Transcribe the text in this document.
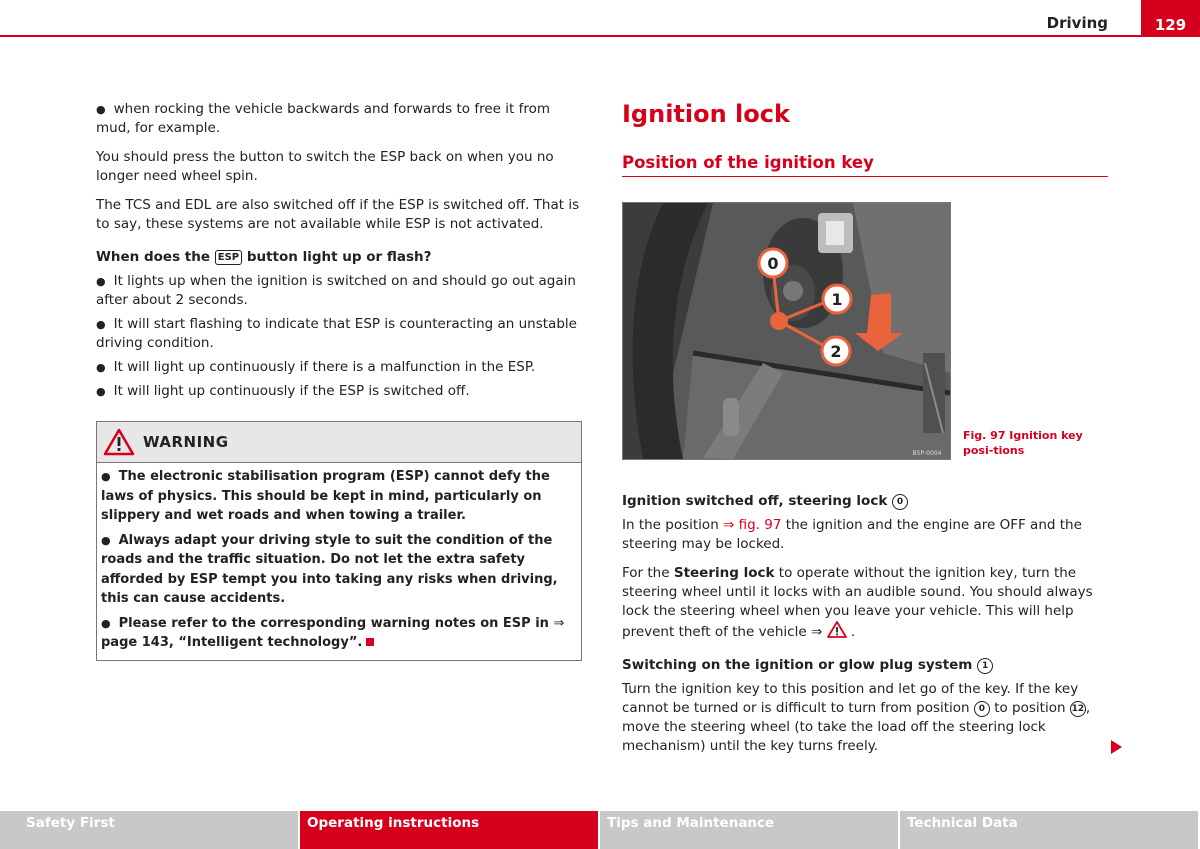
Driving	129

● when rocking the vehicle backwards and forwards to free it from mud, for example.

You should press the button to switch the ESP back on when you no longer need wheel spin.

The TCS and EDL are also switched off if the ESP is switched off. That is to say, these systems are not available while ESP is not activated.

When does the ESP button light up or flash?

● It lights up when the ignition is switched on and should go out again after about 2 seconds.

● It will start flashing to indicate that ESP is counteracting an unstable driving condition.

● It will light up continuously if there is a malfunction in the ESP.

● It will light up continuously if the ESP is switched off.

WARNING

● The electronic stabilisation program (ESP) cannot defy the laws of physics. This should be kept in mind, particularly on slippery and wet roads and when towing a trailer.

● Always adapt your driving style to suit the condition of the roads and the traffic situation. Do not let the extra safety afforded by ESP tempt you into taking any risks when driving, this can cause accidents.

● Please refer to the corresponding warning notes on ESP in ⇒ page 143, “Intelligent technology”.

Ignition lock
Position of the ignition key
0
1
2
B5P-0004
Fig. 97 Ignition key posi-tions
Ignition switched off, steering lock 0

In the position ⇒ fig. 97 the ignition and the engine are OFF and the steering may be locked.

For the Steering lock to operate without the ignition key, turn the steering wheel until it locks with an audible sound. You should always lock the steering wheel when you leave your vehicle. This will help prevent theft of the vehicle ⇒ .

Switching on the ignition or glow plug system 1

Turn the ignition key to this position and let go of the key. If the key cannot be turned or is difficult to turn from position 0 to position 12 , move the steering wheel (to take the load off the steering lock mechanism) until the key turns freely.

Safety First	Operating instructions	Tips and Maintenance	Technical Data
